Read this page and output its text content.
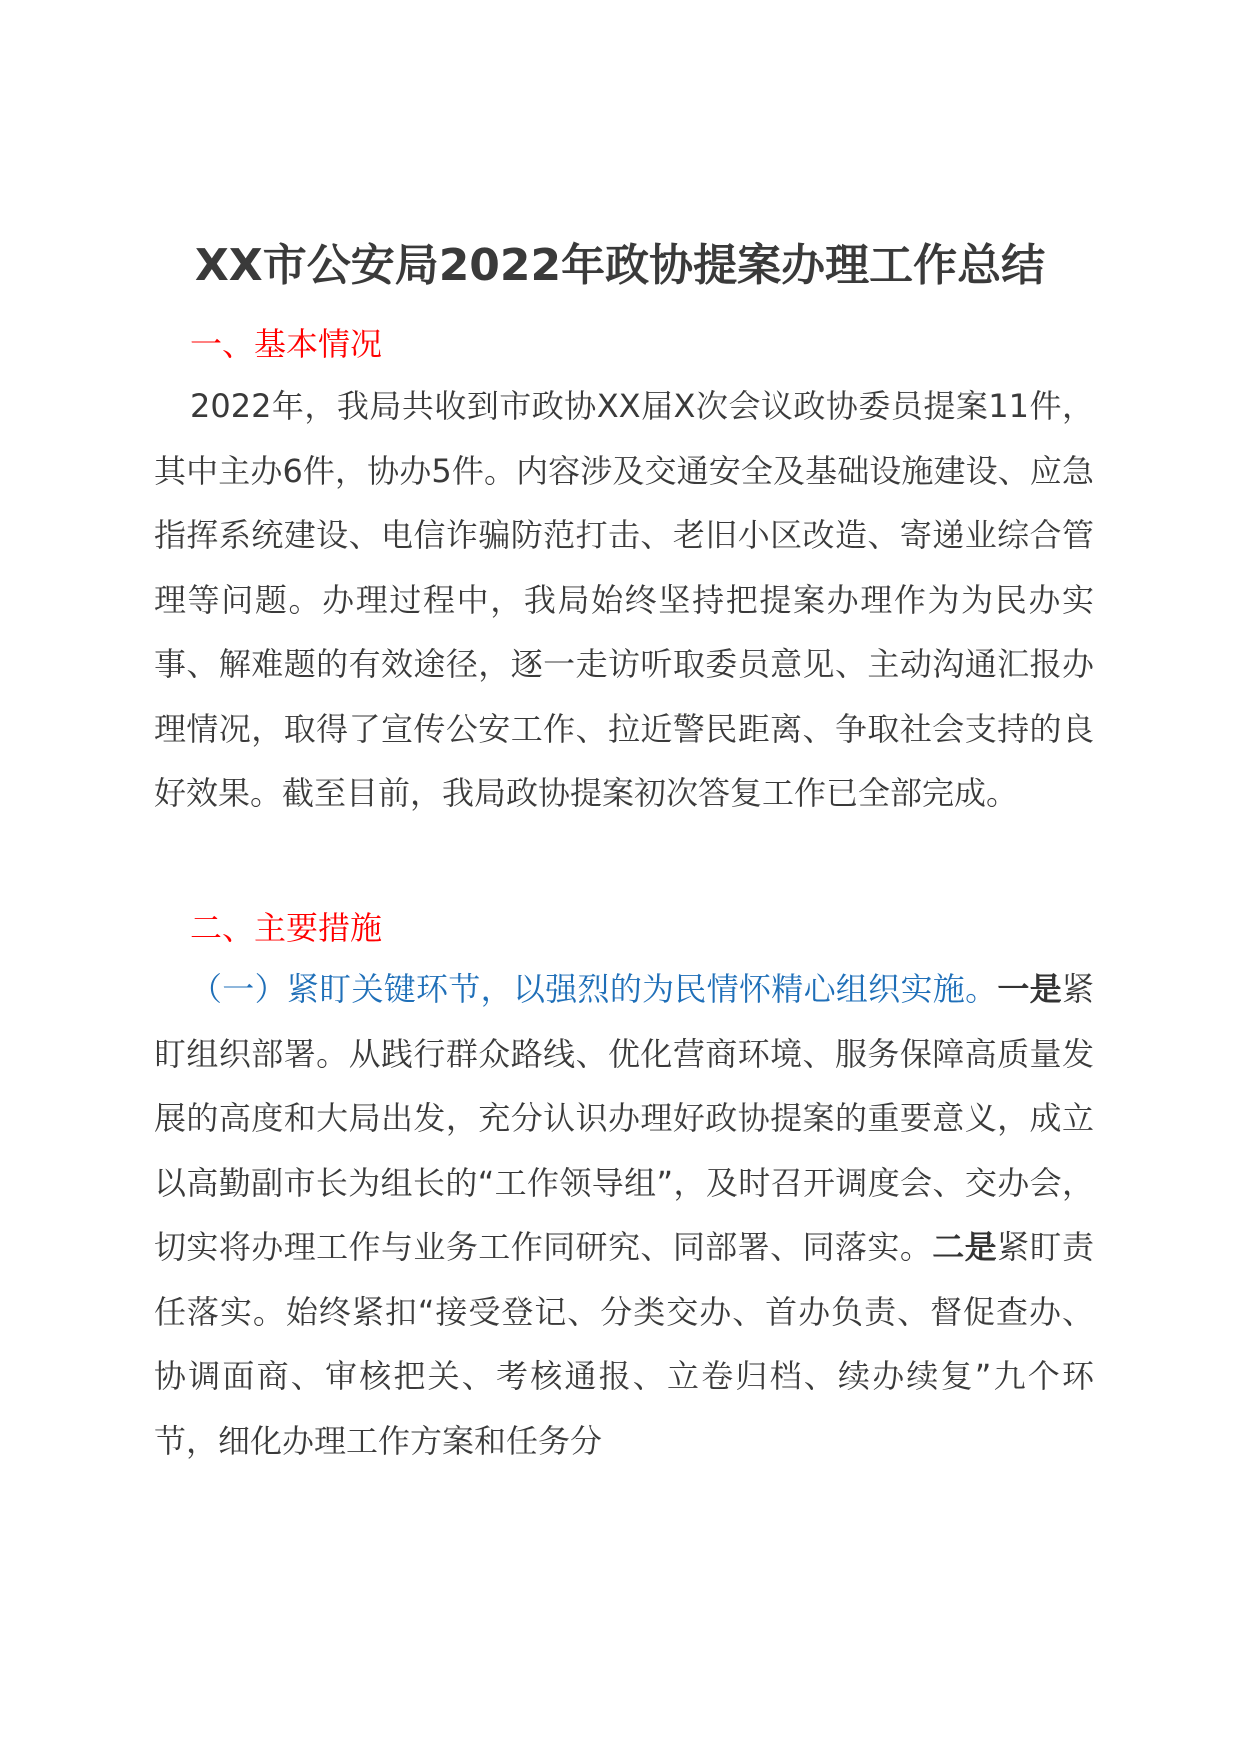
XX市公安局2022年政协提案办理工作总结
一、基本情况

2022年，我局共收到市政协XX届X次会议政协委员提案11件，其中主办6件，协办5件。内容涉及交通安全及基础设施建设、应急指挥系统建设、电信诈骗防范打击、老旧小区改造、寄递业综合管理等问题。办理过程中，我局始终坚持把提案办理作为为民办实事、解难题的有效途径，逐一走访听取委员意见、主动沟通汇报办理情况，取得了宣传公安工作、拉近警民距离、争取社会支持的良好效果。截至目前，我局政协提案初次答复工作已全部完成。

二、主要措施

（一）紧盯关键环节，以强烈的为民情怀精心组织实施。一是紧盯组织部署。从践行群众路线、优化营商环境、服务保障高质量发展的高度和大局出发，充分认识办理好政协提案的重要意义，成立以高勤副市长为组长的“工作领导组”，及时召开调度会、交办会，切实将办理工作与业务工作同研究、同部署、同落实。二是紧盯责任落实。始终紧扣“接受登记、分类交办、首办负责、督促查办、协调面商、审核把关、考核通报、立卷归档、续办续复”九个环节，细化办理工作方案和任务分
